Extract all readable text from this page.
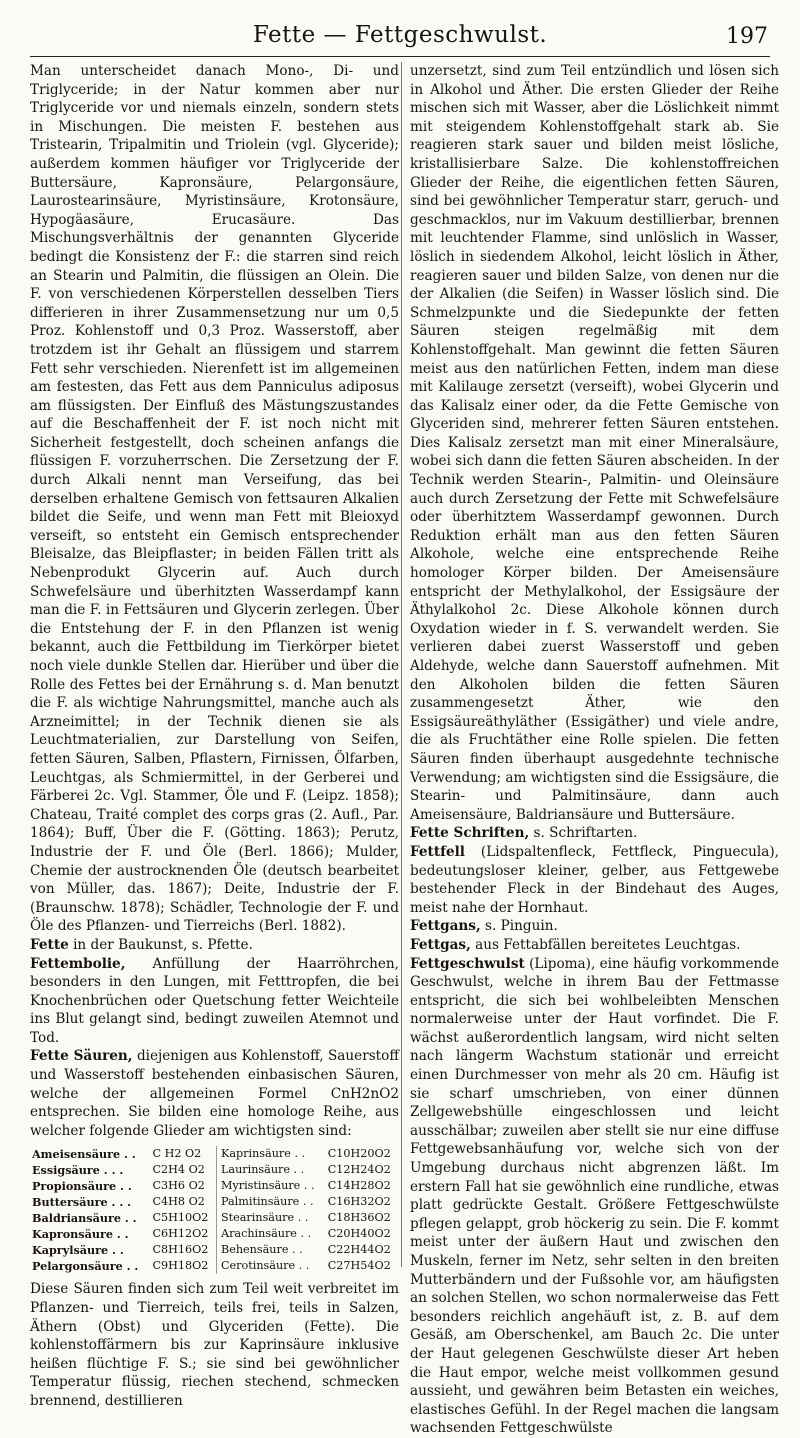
Fette — Fettgeschwulst.	197

Man unterscheidet danach Mono-, Di- und Triglyceride; in der Natur kommen aber nur Triglyceride vor und niemals einzeln, sondern stets in Mischungen. Die meisten F. bestehen aus Tristearin, Tripalmitin und Triolein (vgl. Glyceride); außerdem kommen häufiger vor Triglyceride der Buttersäure, Kapronsäure, Pelargonsäure, Laurostearinsäure, Myristinsäure, Krotonsäure, Hypogäasäure, Erucasäure. Das Mischungsverhältnis der genannten Glyceride bedingt die Konsistenz der F.: die starren sind reich an Stearin und Palmitin, die flüssigen an Olein. Die F. von verschiedenen Körperstellen desselben Tiers differieren in ihrer Zusammensetzung nur um 0,5 Proz. Kohlenstoff und 0,3 Proz. Wasserstoff, aber trotzdem ist ihr Gehalt an flüssigem und starrem Fett sehr verschieden. Nierenfett ist im allgemeinen am festesten, das Fett aus dem Panniculus adiposus am flüssigsten. Der Einfluß des Mästungszustandes auf die Beschaffenheit der F. ist noch nicht mit Sicherheit festgestellt, doch scheinen anfangs die flüssigen F. vorzuherrschen. Die Zersetzung der F. durch Alkali nennt man Verseifung, das bei derselben erhaltene Gemisch von fettsauren Alkalien bildet die Seife, und wenn man Fett mit Bleioxyd verseift, so entsteht ein Gemisch entsprechender Bleisalze, das Bleipflaster; in beiden Fällen tritt als Nebenprodukt Glycerin auf. Auch durch Schwefelsäure und überhitzten Wasserdampf kann man die F. in Fettsäuren und Glycerin zerlegen. Über die Entstehung der F. in den Pflanzen ist wenig bekannt, auch die Fettbildung im Tierkörper bietet noch viele dunkle Stellen dar. Hierüber und über die Rolle des Fettes bei der Ernährung s. d. Man benutzt die F. als wichtige Nahrungsmittel, manche auch als Arzneimittel; in der Technik dienen sie als Leuchtmaterialien, zur Darstellung von Seifen, fetten Säuren, Salben, Pflastern, Firnissen, Ölfarben, Leuchtgas, als Schmiermittel, in der Gerberei und Färberei 2c. Vgl. Stammer, Öle und F. (Leipz. 1858); Chateau, Traité complet des corps gras (2. Aufl., Par. 1864); Buff, Über die F. (Götting. 1863); Perutz, Industrie der F. und Öle (Berl. 1866); Mulder, Chemie der austrocknenden Öle (deutsch bearbeitet von Müller, das. 1867); Deite, Industrie der F. (Braunschw. 1878); Schädler, Technologie der F. und Öle des Pflanzen- und Tierreichs (Berl. 1882).

Fette in der Baukunst, s. Pfette.

Fettembolie, Anfüllung der Haarröhrchen, besonders in den Lungen, mit Fetttropfen, die bei Knochenbrüchen oder Quetschung fetter Weichteile ins Blut gelangt sind, bedingt zuweilen Atemnot und Tod.

Fette Säuren, diejenigen aus Kohlenstoff, Sauerstoff und Wasserstoff bestehenden einbasischen Säuren, welche der allgemeinen Formel CnH2nO2 entsprechen. Sie bilden eine homologe Reihe, aus welcher folgende Glieder am wichtigsten sind:

Ameisensäure . .	C H2 O2	Kaprinsäure . .	C10H20O2
Essigsäure . . .	C2H4 O2	Laurinsäure . .	C12H24O2
Propionsäure . .	C3H6 O2	Myristinsäure . .	C14H28O2
Buttersäure . . .	C4H8 O2	Palmitinsäure . .	C16H32O2
Baldriansäure . .	C5H10O2	Stearinsäure . .	C18H36O2
Kapronsäure . .	C6H12O2	Arachinsäure . .	C20H40O2
Kaprylsäure . .	C8H16O2	Behensäure . .	C22H44O2
Pelargonsäure . .	C9H18O2	Cerotinsäure . .	C27H54O2

Diese Säuren finden sich zum Teil weit verbreitet im Pflanzen- und Tierreich, teils frei, teils in Salzen, Äthern (Obst) und Glyceriden (Fette). Die kohlenstoffärmern bis zur Kaprinsäure inklusive heißen flüchtige F. S.; sie sind bei gewöhnlicher Temperatur flüssig, riechen stechend, schmecken brennend, destillieren

unzersetzt, sind zum Teil entzündlich und lösen sich in Alkohol und Äther. Die ersten Glieder der Reihe mischen sich mit Wasser, aber die Löslichkeit nimmt mit steigendem Kohlenstoffgehalt stark ab. Sie reagieren stark sauer und bilden meist lösliche, kristallisierbare Salze. Die kohlenstoffreichen Glieder der Reihe, die eigentlichen fetten Säuren, sind bei gewöhnlicher Temperatur starr, geruch- und geschmacklos, nur im Vakuum destillierbar, brennen mit leuchtender Flamme, sind unlöslich in Wasser, löslich in siedendem Alkohol, leicht löslich in Äther, reagieren sauer und bilden Salze, von denen nur die der Alkalien (die Seifen) in Wasser löslich sind. Die Schmelzpunkte und die Siedepunkte der fetten Säuren steigen regelmäßig mit dem Kohlenstoffgehalt. Man gewinnt die fetten Säuren meist aus den natürlichen Fetten, indem man diese mit Kalilauge zersetzt (verseift), wobei Glycerin und das Kalisalz einer oder, da die Fette Gemische von Glyceriden sind, mehrerer fetten Säuren entstehen. Dies Kalisalz zersetzt man mit einer Mineralsäure, wobei sich dann die fetten Säuren abscheiden. In der Technik werden Stearin-, Palmitin- und Oleinsäure auch durch Zersetzung der Fette mit Schwefelsäure oder überhitztem Wasserdampf gewonnen. Durch Reduktion erhält man aus den fetten Säuren Alkohole, welche eine entsprechende Reihe homologer Körper bilden. Der Ameisensäure entspricht der Methylalkohol, der Essigsäure der Äthylalkohol 2c. Diese Alkohole können durch Oxydation wieder in f. S. verwandelt werden. Sie verlieren dabei zuerst Wasserstoff und geben Aldehyde, welche dann Sauerstoff aufnehmen. Mit den Alkoholen bilden die fetten Säuren zusammengesetzt Äther, wie den Essigsäureäthyläther (Essigäther) und viele andre, die als Fruchtäther eine Rolle spielen. Die fetten Säuren finden überhaupt ausgedehnte technische Verwendung; am wichtigsten sind die Essigsäure, die Stearin- und Palmitinsäure, dann auch Ameisensäure, Baldriansäure und Buttersäure.

Fette Schriften, s. Schriftarten.

Fettfell (Lidspaltenfleck, Fettfleck, Pinguecula), bedeutungsloser kleiner, gelber, aus Fettgewebe bestehender Fleck in der Bindehaut des Auges, meist nahe der Hornhaut.

Fettgans, s. Pinguin.

Fettgas, aus Fettabfällen bereitetes Leuchtgas.

Fettgeschwulst (Lipoma), eine häufig vorkommende Geschwulst, welche in ihrem Bau der Fettmasse entspricht, die sich bei wohlbeleibten Menschen normalerweise unter der Haut vorfindet. Die F. wächst außerordentlich langsam, wird nicht selten nach längerm Wachstum stationär und erreicht einen Durchmesser von mehr als 20 cm. Häufig ist sie scharf umschrieben, von einer dünnen Zellgewebshülle eingeschlossen und leicht ausschälbar; zuweilen aber stellt sie nur eine diffuse Fettgewebsanhäufung vor, welche sich von der Umgebung durchaus nicht abgrenzen läßt. Im erstern Fall hat sie gewöhnlich eine rundliche, etwas platt gedrückte Gestalt. Größere Fettgeschwülste pflegen gelappt, grob höckerig zu sein. Die F. kommt meist unter der äußern Haut und zwischen den Muskeln, ferner im Netz, sehr selten in den breiten Mutterbändern und der Fußsohle vor, am häufigsten an solchen Stellen, wo schon normalerweise das Fett besonders reichlich angehäuft ist, z. B. auf dem Gesäß, am Oberschenkel, am Bauch 2c. Die unter der Haut gelegenen Geschwülste dieser Art heben die Haut empor, welche meist vollkommen gesund aussieht, und gewähren beim Betasten ein weiches, elastisches Gefühl. In der Regel machen die langsam wachsenden Fettgeschwülste
